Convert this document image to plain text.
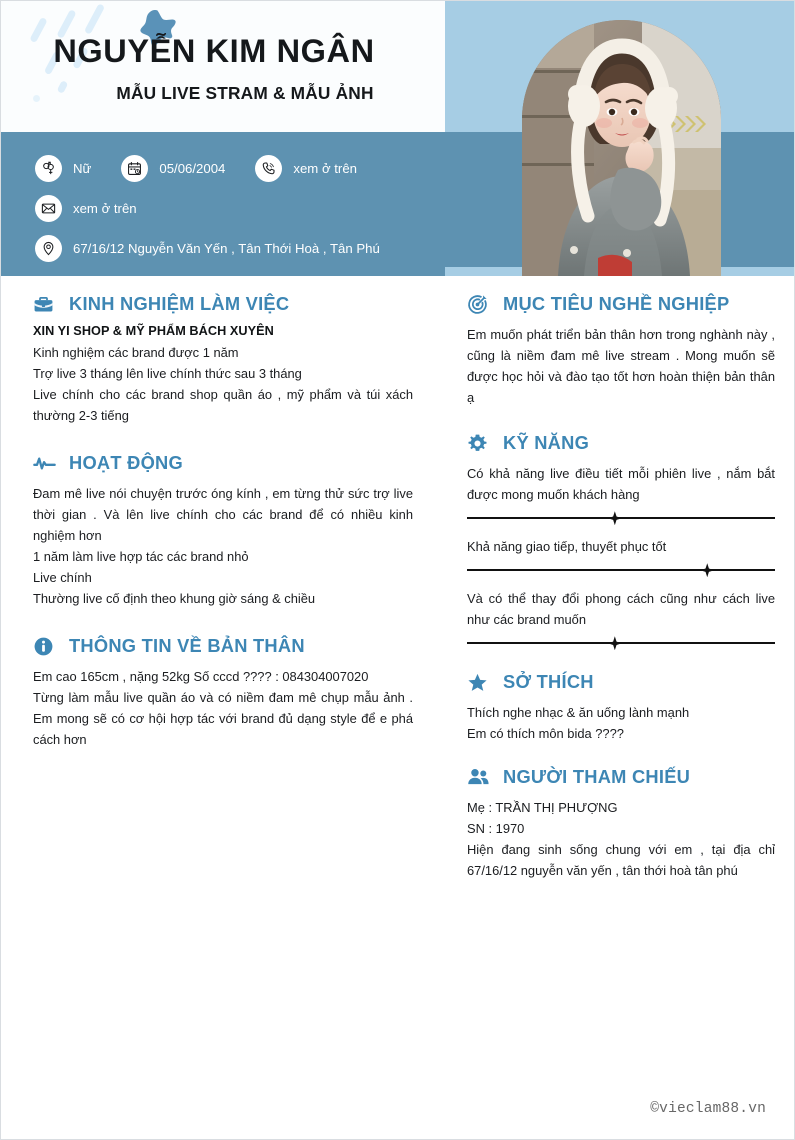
NGUYỄN KIM NGÂN
MẪU LIVE STRAM & MẪU ẢNH
Nữ	05/06/2004	xem ở trên
xem ở trên
67/16/12 Nguyễn Văn Yến , Tân Thới Hoà , Tân Phú
KINH NGHIỆM LÀM VIỆC
XIN YI SHOP & MỸ PHẨM BÁCH XUYÊN

Kinh nghiệm các brand được 1 năm

Trợ live 3 tháng lên live chính thức sau 3 tháng

Live chính cho các brand shop quần áo , mỹ phẩm và túi xách thường 2-3 tiếng

HOẠT ĐỘNG

Đam mê live nói chuyện trước óng kính , em từng thử sức trợ live thời gian . Và lên live chính cho các brand để có nhiều kinh nghiệm hơn

1 năm làm live hợp tác các brand nhỏ

Live chính

Thường live cố định theo khung giờ sáng & chiều

THÔNG TIN VỀ BẢN THÂN

Em cao 165cm , nặng 52kg Số cccd ???? : 084304007020

Từng làm mẫu live quần áo và có niềm đam mê chụp mẫu ảnh . Em mong sẽ có cơ hội hợp tác với brand đủ dạng style để e phá cách hơn

MỤC TIÊU NGHỀ NGHIỆP

Em muốn phát triển bản thân hơn trong nghành này , cũng là niềm đam mê live stream . Mong muốn sẽ được học hỏi và đào tạo tốt hơn hoàn thiện bản thân ạ

KỸ NĂNG

Có khả năng live điều tiết mỗi phiên live , nắm bắt được mong muốn khách hàng

Khả năng giao tiếp, thuyết phục tốt

Và có thể thay đổi phong cách cũng như cách live như các brand muốn

SỞ THÍCH

Thích nghe nhạc & ăn uống lành mạnh

Em có thích môn bida ????

NGƯỜI THAM CHIẾU

Mẹ : TRẦN THỊ PHƯỢNG

SN : 1970

Hiện đang sinh sống chung với em , tại địa chỉ 67/16/12 nguyễn văn yến , tân thới hoà tân phú

©vieclam88.vn
